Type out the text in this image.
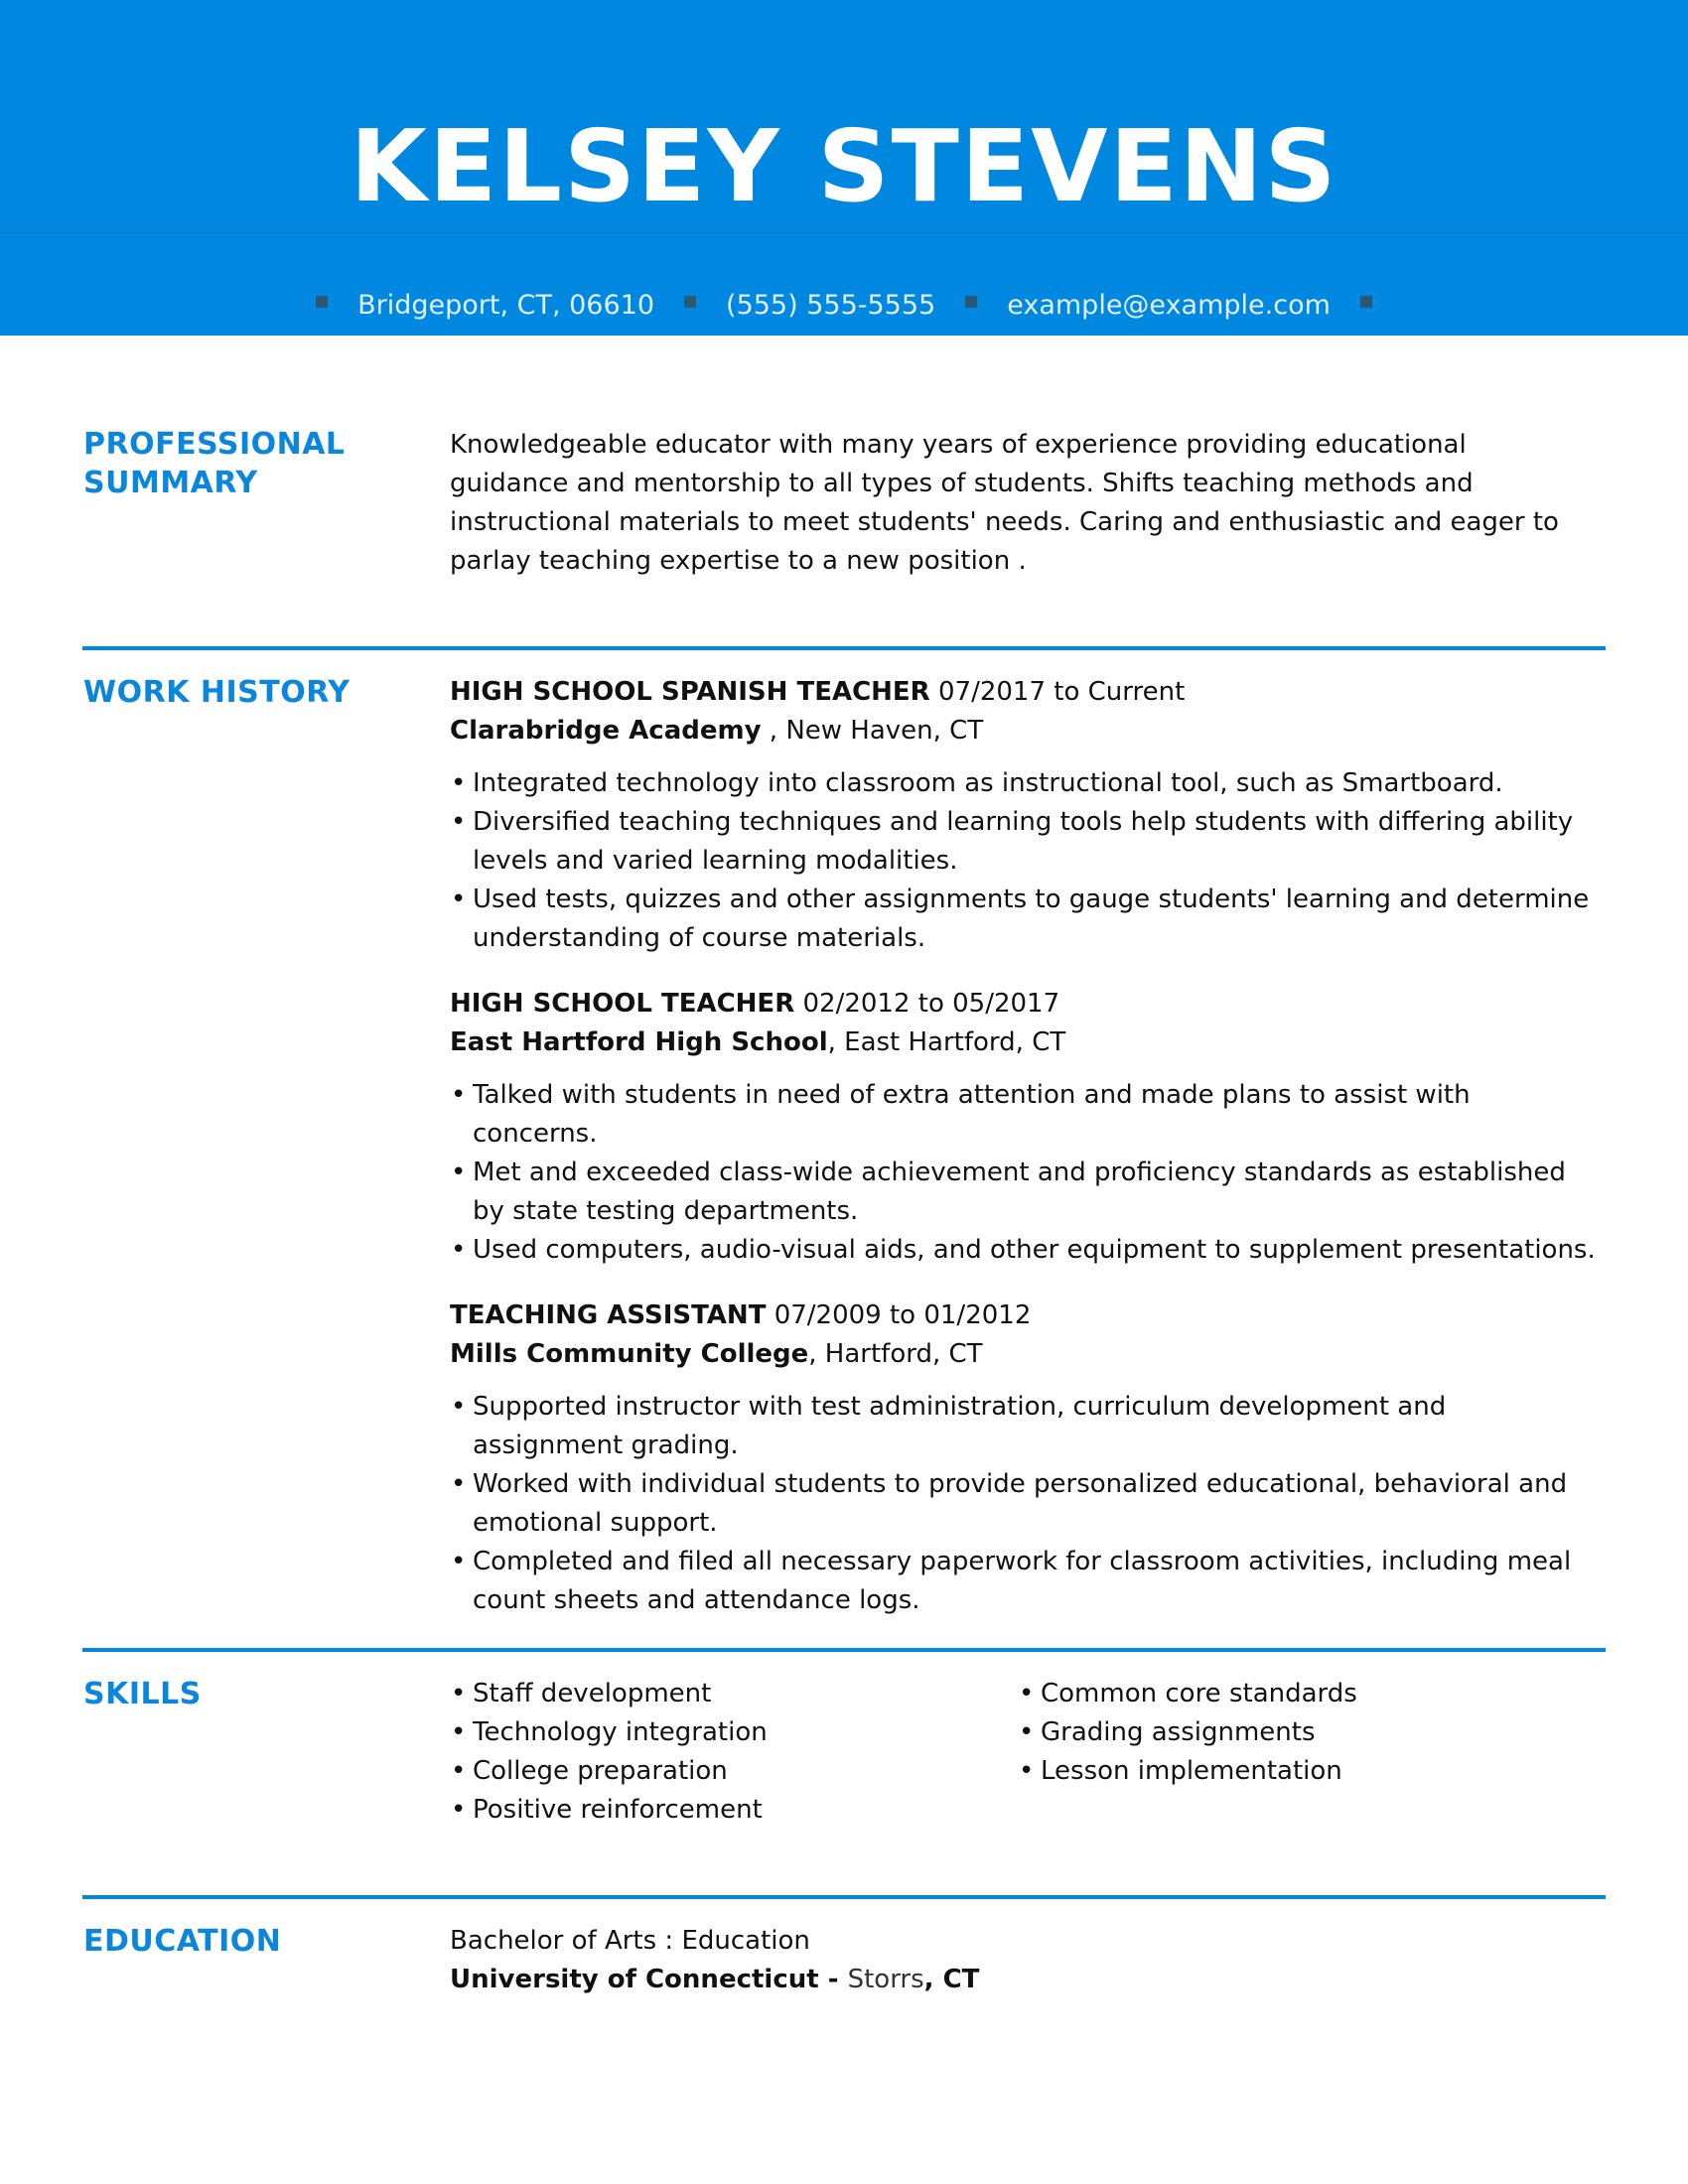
KELSEY STEVENS
Bridgeport, CT, 06610	(555) 555-5555	example@example.com
PROFESSIONAL
SUMMARY
Knowledgeable educator with many years of experience providing educational guidance and mentorship to all types of students. Shifts teaching methods and instructional materials to meet students' needs. Caring and enthusiastic and eager to parlay teaching expertise to a new position .
WORK HISTORY	HIGH SCHOOL SPANISH TEACHER 07/2017 to Current
Clarabridge Academy , New Haven, CT
• Integrated technology into classroom as instructional tool, such as Smartboard.
• Diversified teaching techniques and learning tools help students with differing ability levels and varied learning modalities.
• Used tests, quizzes and other assignments to gauge students' learning and determine understanding of course materials.
HIGH SCHOOL TEACHER 02/2012 to 05/2017
East Hartford High School, East Hartford, CT
• Talked with students in need of extra attention and made plans to assist with concerns.
• Met and exceeded class-wide achievement and proficiency standards as established by state testing departments.
• Used computers, audio-visual aids, and other equipment to supplement presentations.
TEACHING ASSISTANT 07/2009 to 01/2012
Mills Community College, Hartford, CT
• Supported instructor with test administration, curriculum development and assignment grading.
• Worked with individual students to provide personalized educational, behavioral and emotional support.
• Completed and filed all necessary paperwork for classroom activities, including meal count sheets and attendance logs.
SKILLS
•	Staff development
• Technology integration
• College preparation
• Positive reinforcement
• Common core standards
• Grading assignments
• Lesson implementation
EDUCATION	Bachelor of Arts : Education
University of Connecticut - Storrs, CT
